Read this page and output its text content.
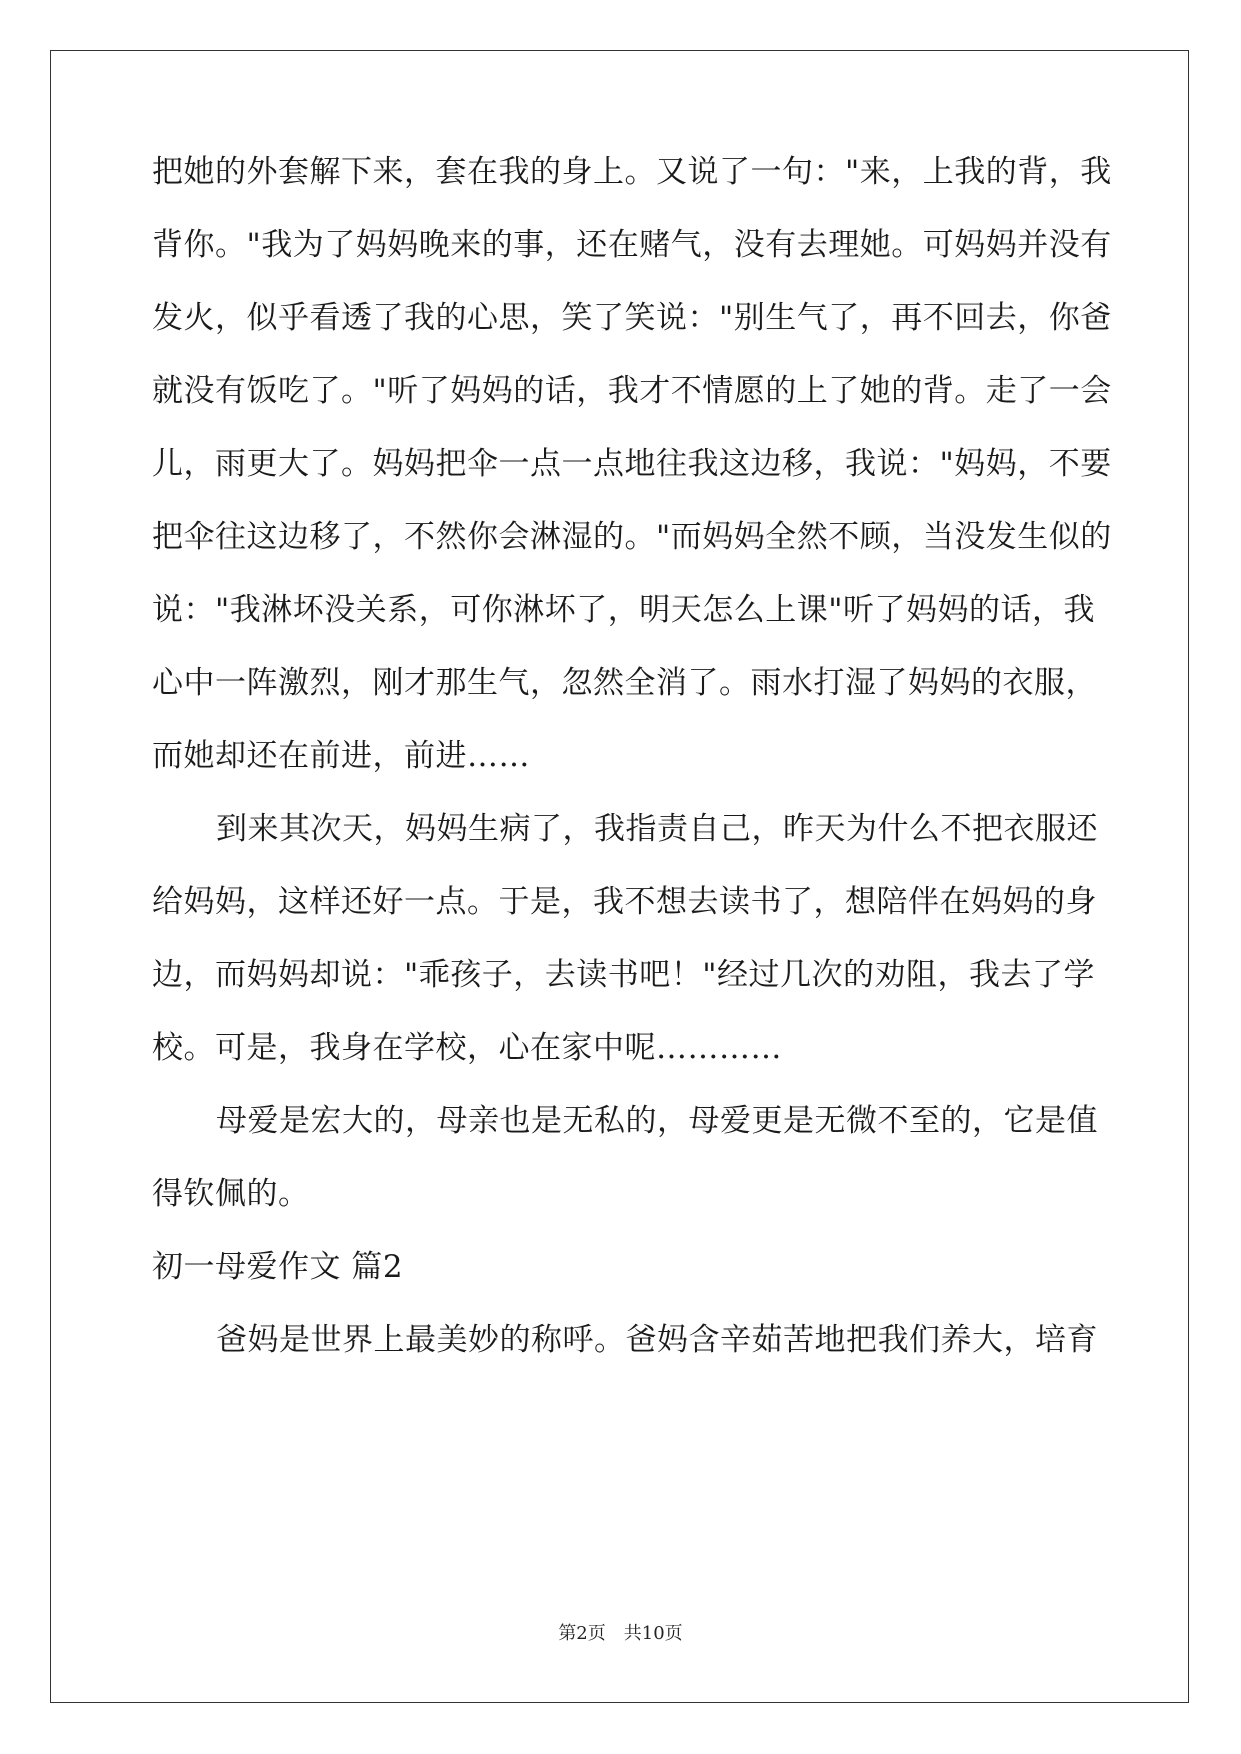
把她的外套解下来，套在我的身上。又说了一句："来，上我的背，我
背你。"我为了妈妈晚来的事，还在赌气，没有去理她。可妈妈并没有
发火，似乎看透了我的心思，笑了笑说："别生气了，再不回去，你爸
就没有饭吃了。"听了妈妈的话，我才不情愿的上了她的背。走了一会
儿，雨更大了。妈妈把伞一点一点地往我这边移，我说："妈妈，不要
把伞往这边移了，不然你会淋湿的。"而妈妈全然不顾，当没发生似的
说："我淋坏没关系，可你淋坏了，明天怎么上课"听了妈妈的话，我
心中一阵激烈，刚才那生气，忽然全消了。雨水打湿了妈妈的衣服，
而她却还在前进，前进……
到来其次天，妈妈生病了，我指责自己，昨天为什么不把衣服还
给妈妈，这样还好一点。于是，我不想去读书了，想陪伴在妈妈的身
边，而妈妈却说："乖孩子，去读书吧！"经过几次的劝阻，我去了学
校。可是，我身在学校，心在家中呢…………
母爱是宏大的，母亲也是无私的，母爱更是无微不至的，它是值
得钦佩的。
初一母爱作文 篇2
爸妈是世界上最美妙的称呼。爸妈含辛茹苦地把我们养大，培育
第2页　共10页
